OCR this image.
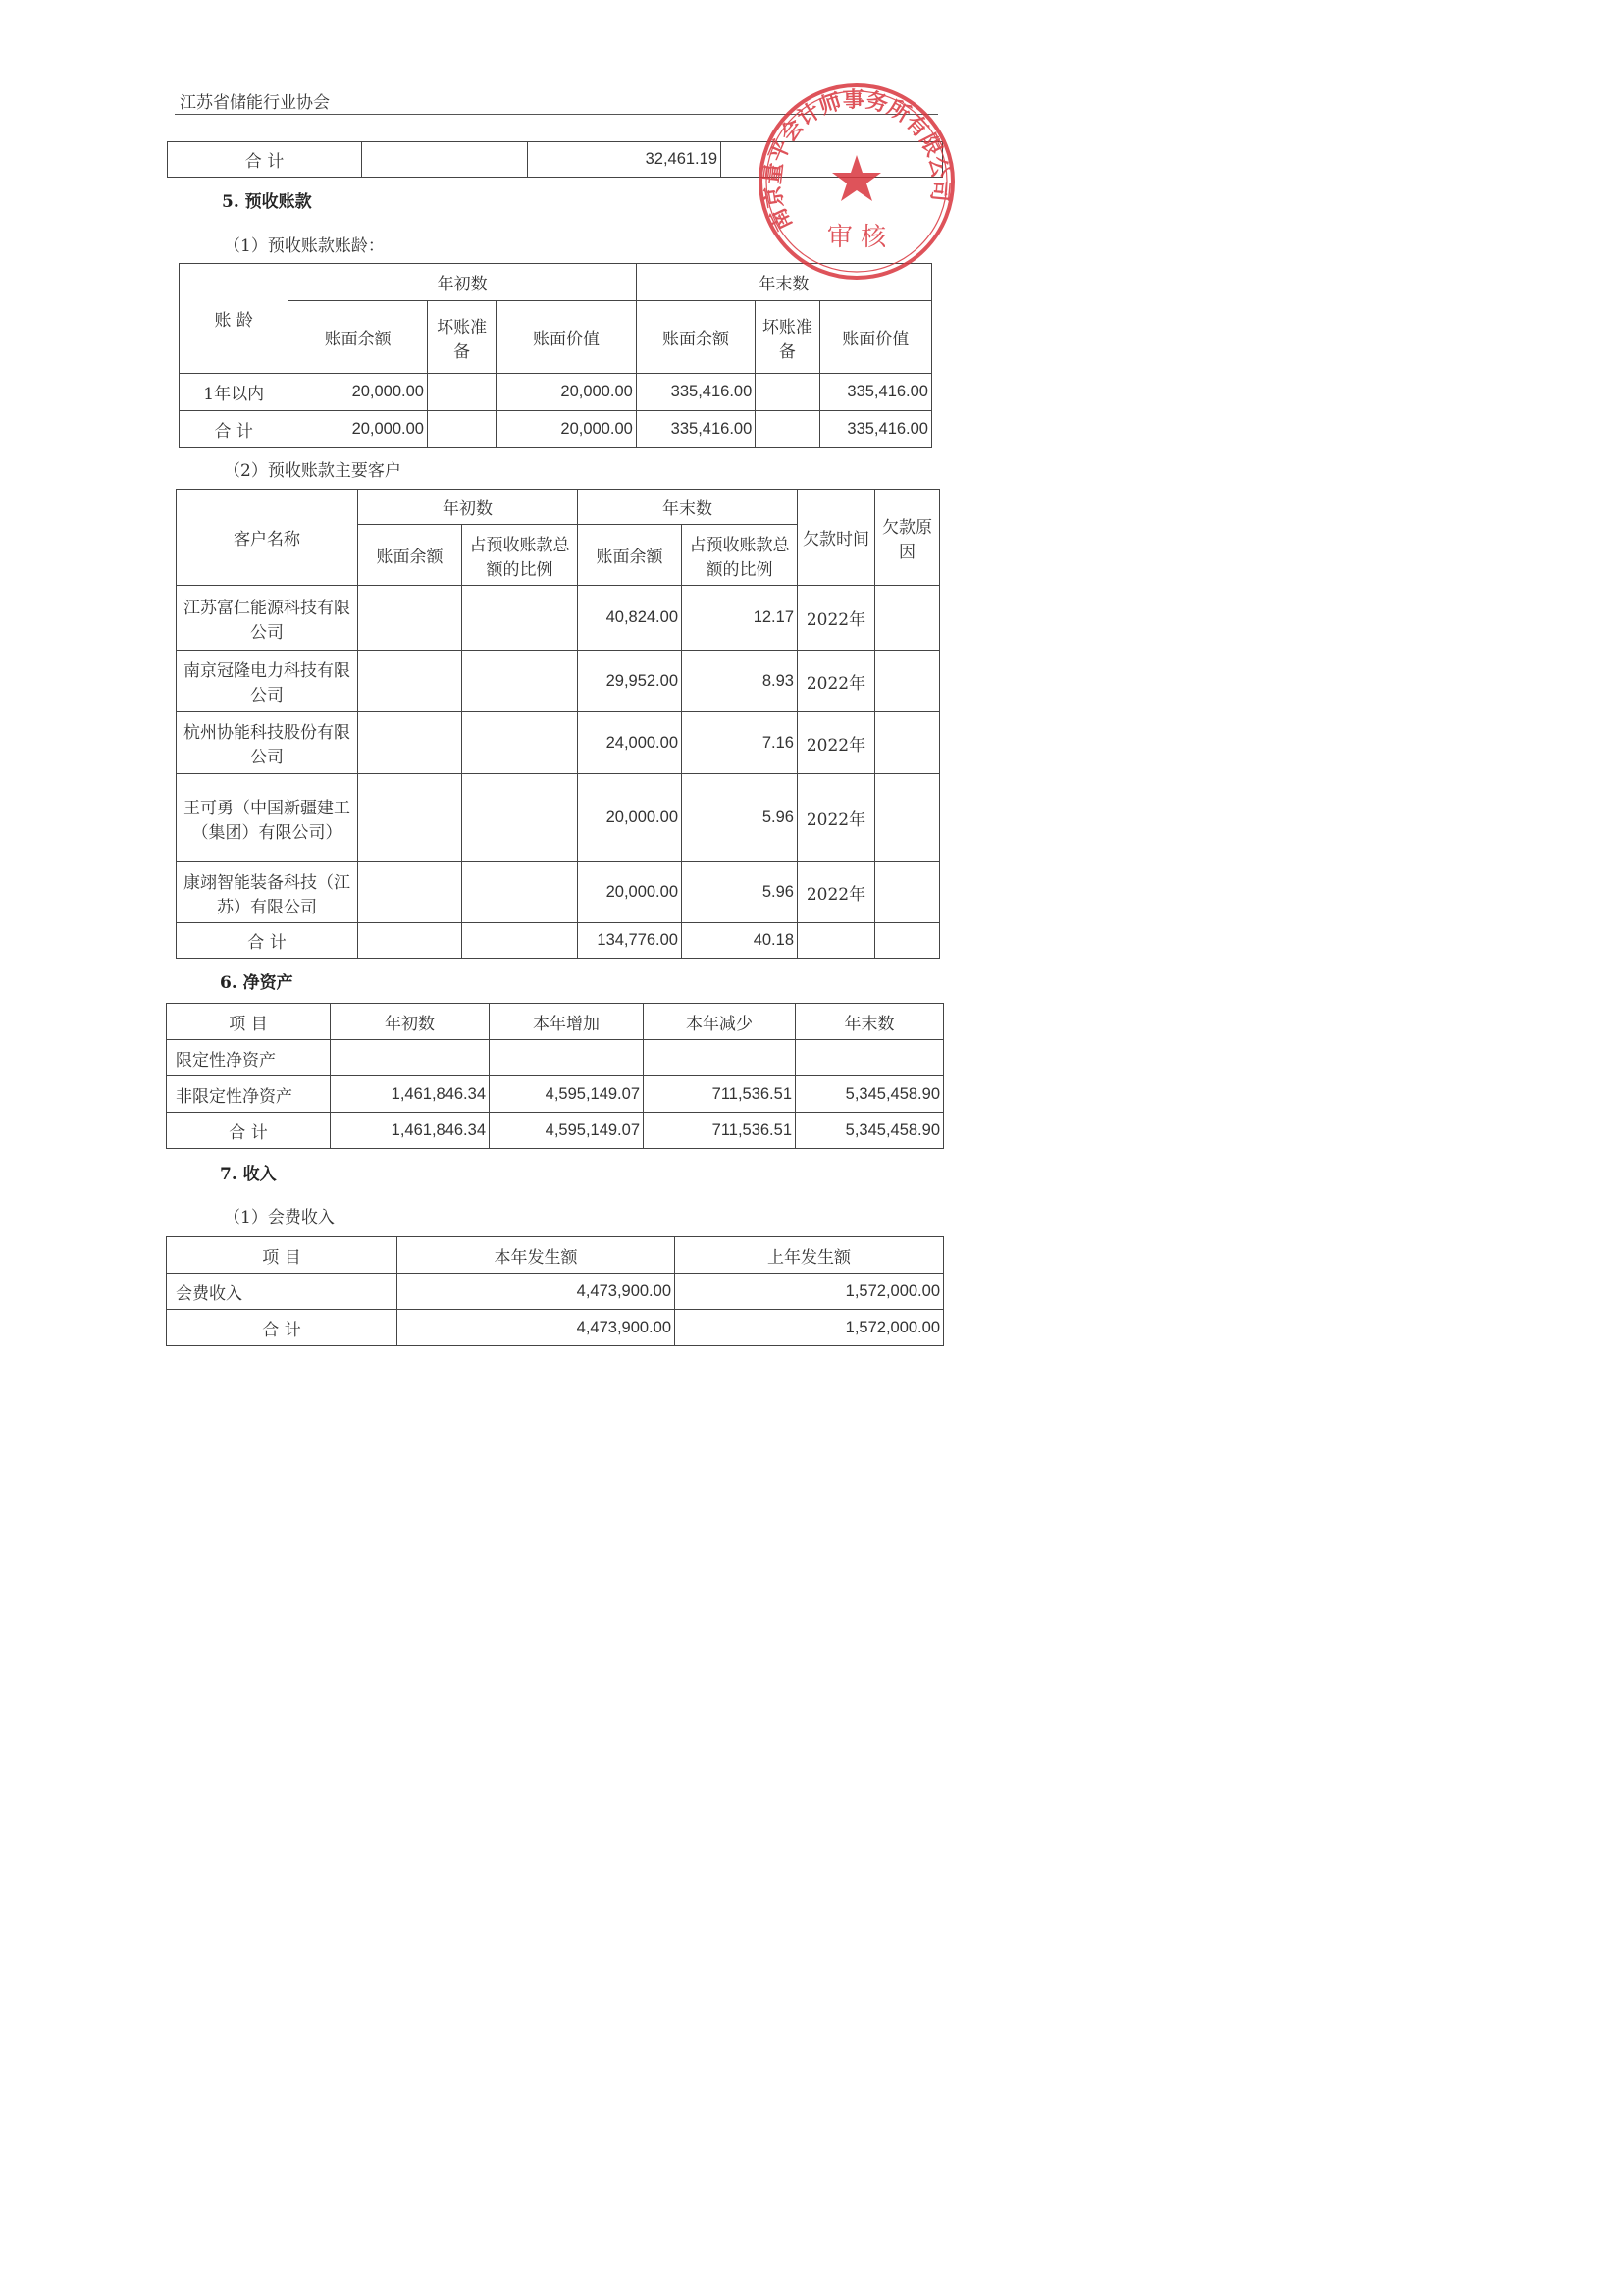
江苏省储能行业协会
合 计		32,461.19	
5. 预收账款
（1）预收账款账龄：
账 龄	年初数			年末数		
	账面余额	坏账准备	账面价值	账面余额	坏账准备	账面价值
1年以内	20,000.00		20,000.00	335,416.00		335,416.00
合 计	20,000.00		20,000.00	335,416.00		335,416.00
（2）预收账款主要客户
客户名称	年初数		年末数		欠款时间	欠款原因
	账面余额	占预收账款总额的比例	账面余额	占预收账款总额的比例		
江苏富仁能源科技有限公司			40,824.00	12.17	2022年	
南京冠隆电力科技有限公司			29,952.00	8.93	2022年	
杭州协能科技股份有限公司			24,000.00	7.16	2022年	
王可勇（中国新疆建工（集团）有限公司）			20,000.00	5.96	2022年	
康翊智能装备科技（江苏）有限公司			20,000.00	5.96	2022年	
合 计			134,776.00	40.18		
6. 净资产
项 目	年初数	本年增加	本年减少	年末数
限定性净资产				
非限定性净资产	1,461,846.34	4,595,149.07	711,536.51	5,345,458.90
合 计	1,461,846.34	4,595,149.07	711,536.51	5,345,458.90
7. 收入
（1）会费收入
项 目	本年发生额	上年发生额
会费收入	4,473,900.00	1,572,000.00
合 计	4,473,900.00	1,572,000.00
南京量平会计师事务所有限公司
审 核
